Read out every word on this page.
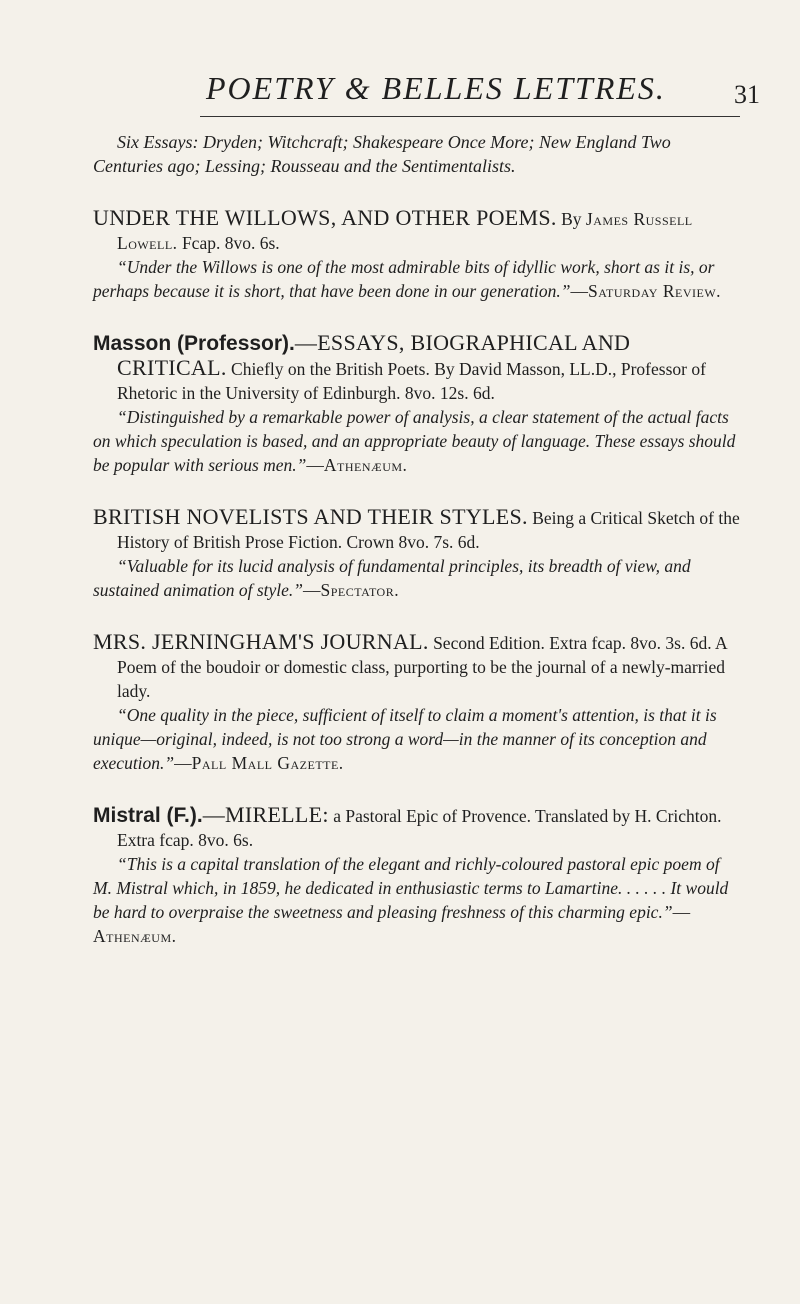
POETRY & BELLES LETTRES.	31

Six Essays: Dryden; Witchcraft; Shakespeare Once More; New England Two Centuries ago; Lessing; Rousseau and the Sentimentalists.

UNDER THE WILLOWS, AND OTHER POEMS. By James Russell Lowell. Fcap. 8vo. 6s.

“Under the Willows is one of the most admirable bits of idyllic work, short as it is, or perhaps because it is short, that have been done in our generation.”—Saturday Review.

Masson (Professor).—ESSAYS, BIOGRAPHICAL AND CRITICAL. Chiefly on the British Poets. By David Masson, LL.D., Professor of Rhetoric in the University of Edinburgh. 8vo. 12s. 6d.

“Distinguished by a remarkable power of analysis, a clear statement of the actual facts on which speculation is based, and an appropriate beauty of language. These essays should be popular with serious men.”—Athenæum.

BRITISH NOVELISTS AND THEIR STYLES. Being a Critical Sketch of the History of British Prose Fiction. Crown 8vo. 7s. 6d.

“Valuable for its lucid analysis of fundamental principles, its breadth of view, and sustained animation of style.”—Spectator.

MRS. JERNINGHAM'S JOURNAL. Second Edition. Extra fcap. 8vo. 3s. 6d. A Poem of the boudoir or domestic class, purporting to be the journal of a newly-married lady.

“One quality in the piece, sufficient of itself to claim a moment's attention, is that it is unique—original, indeed, is not too strong a word—in the manner of its conception and execution.”—Pall Mall Gazette.

Mistral (F.).—MIRELLE: a Pastoral Epic of Provence. Translated by H. Crichton. Extra fcap. 8vo. 6s.

“This is a capital translation of the elegant and richly-coloured pastoral epic poem of M. Mistral which, in 1859, he dedicated in enthusiastic terms to Lamartine. . . . . . It would be hard to overpraise the sweetness and pleasing freshness of this charming epic.”—Athenæum.
